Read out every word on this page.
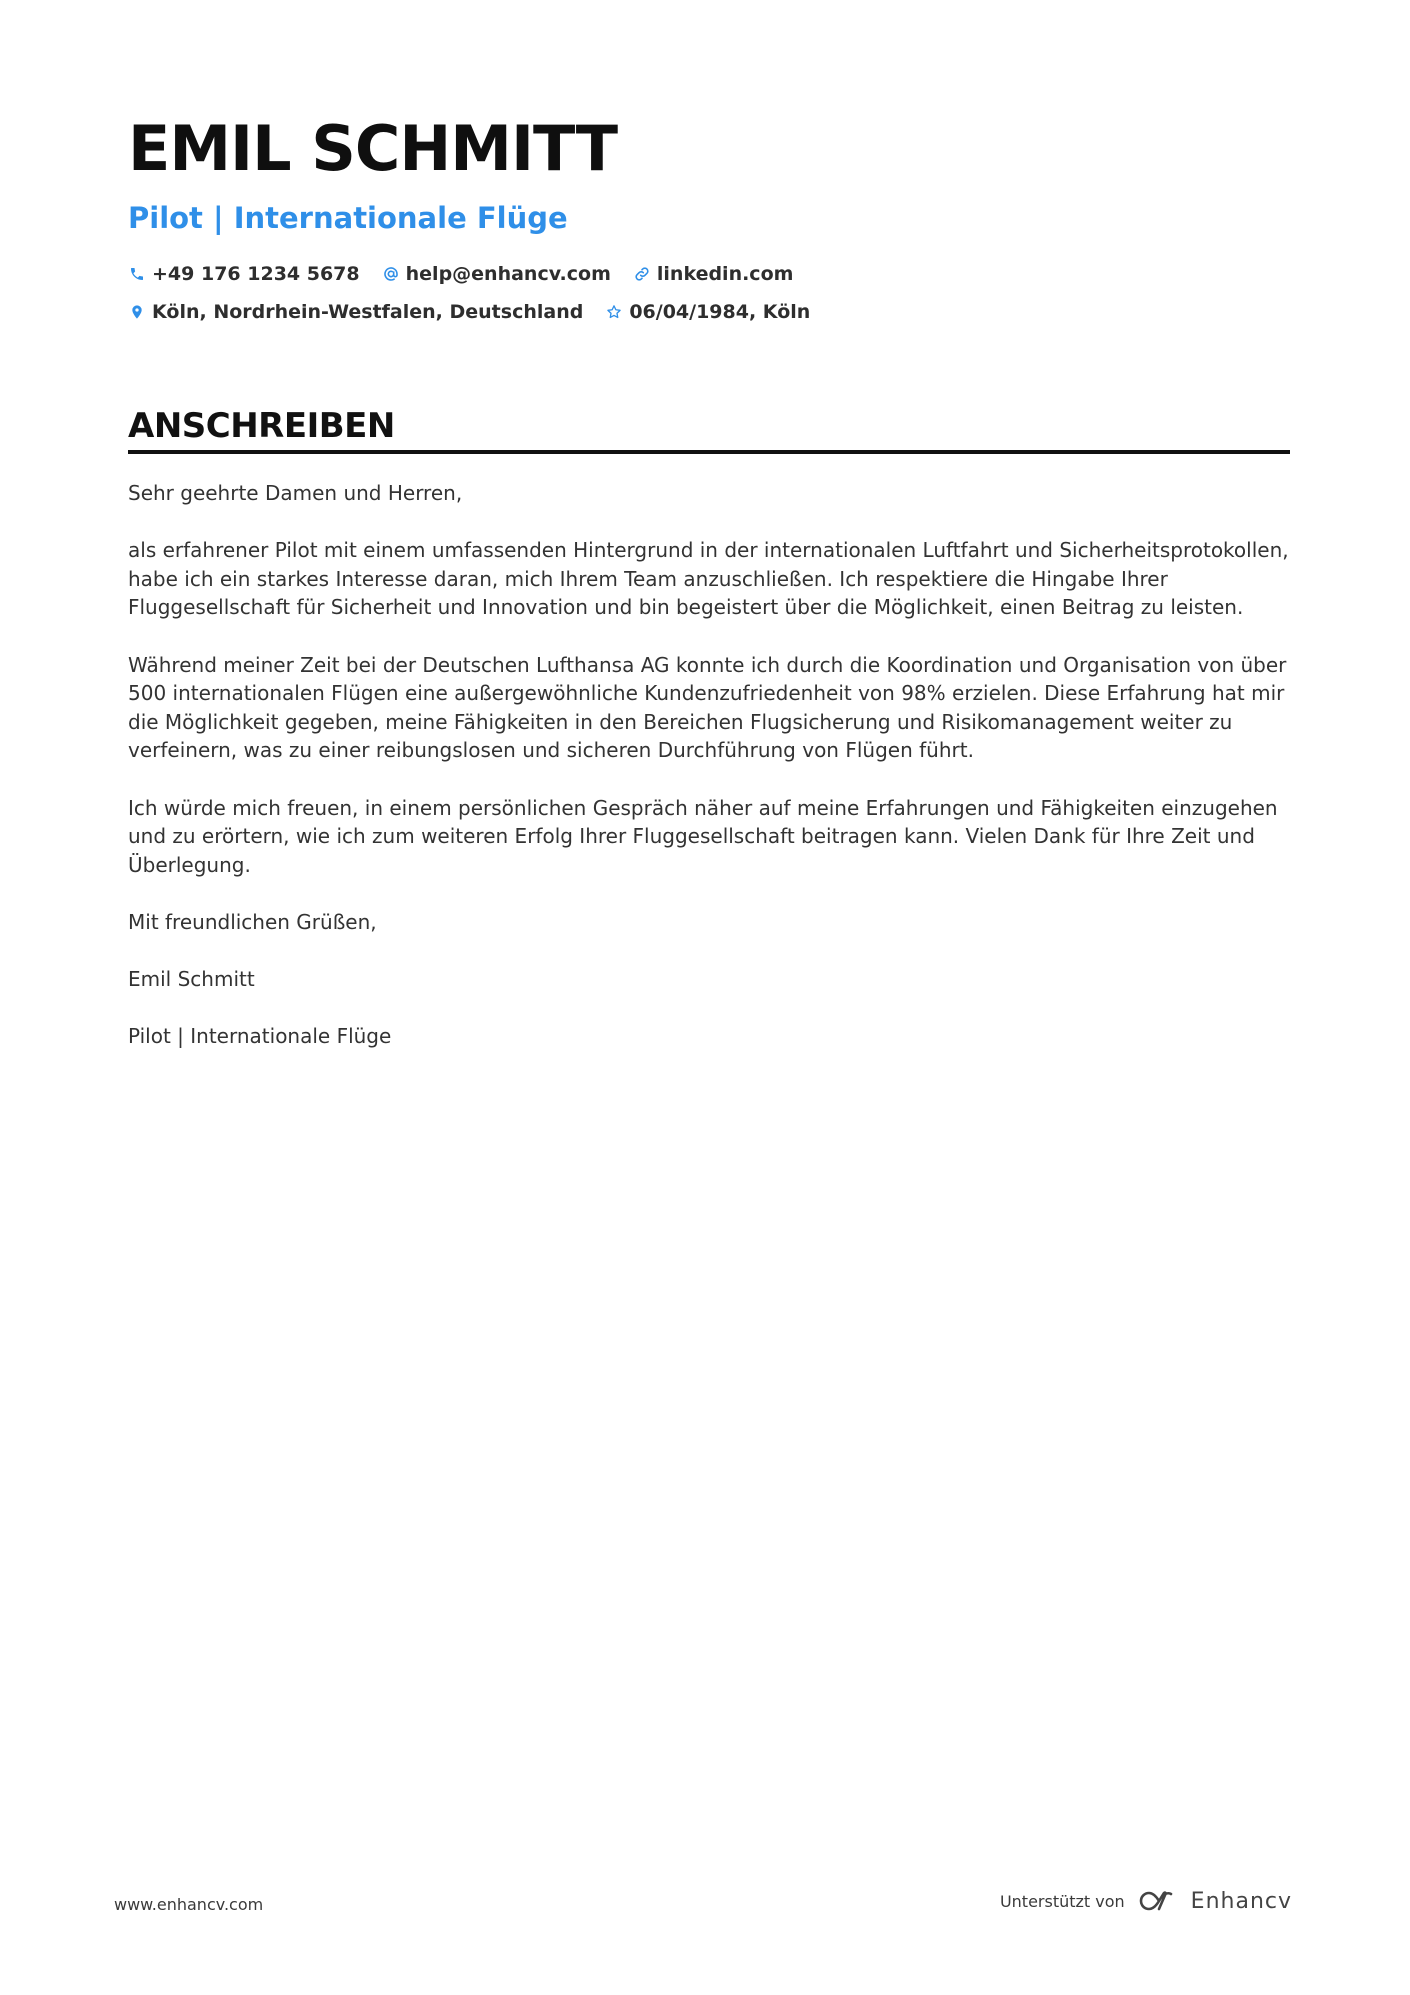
EMIL SCHMITT
Pilot | Internationale Flüge
+49 176 1234 5678 help@enhancv.com linkedin.com
Köln, Nordrhein-Westfalen, Deutschland 06/04/1984, Köln
ANSCHREIBEN

Sehr geehrte Damen und Herren,

als erfahrener Pilot mit einem umfassenden Hintergrund in der internationalen Luftfahrt und Sicherheitsprotokollen, habe ich ein starkes Interesse daran, mich Ihrem Team anzuschließen. Ich respektiere die Hingabe Ihrer Fluggesellschaft für Sicherheit und Innovation und bin begeistert über die Möglichkeit, einen Beitrag zu leisten.

Während meiner Zeit bei der Deutschen Lufthansa AG konnte ich durch die Koordination und Organisation von über 500 internationalen Flügen eine außergewöhnliche Kundenzufriedenheit von 98% erzielen. Diese Erfahrung hat mir die Möglichkeit gegeben, meine Fähigkeiten in den Bereichen Flugsicherung und Risikomanagement weiter zu verfeinern, was zu einer reibungslosen und sicheren Durchführung von Flügen führt.

Ich würde mich freuen, in einem persönlichen Gespräch näher auf meine Erfahrungen und Fähigkeiten einzugehen und zu erörtern, wie ich zum weiteren Erfolg Ihrer Fluggesellschaft beitragen kann. Vielen Dank für Ihre Zeit und Überlegung.

Mit freundlichen Grüßen,

Emil Schmitt

Pilot | Internationale Flüge

www.enhancv.com	Unterstützt von	Enhancv
